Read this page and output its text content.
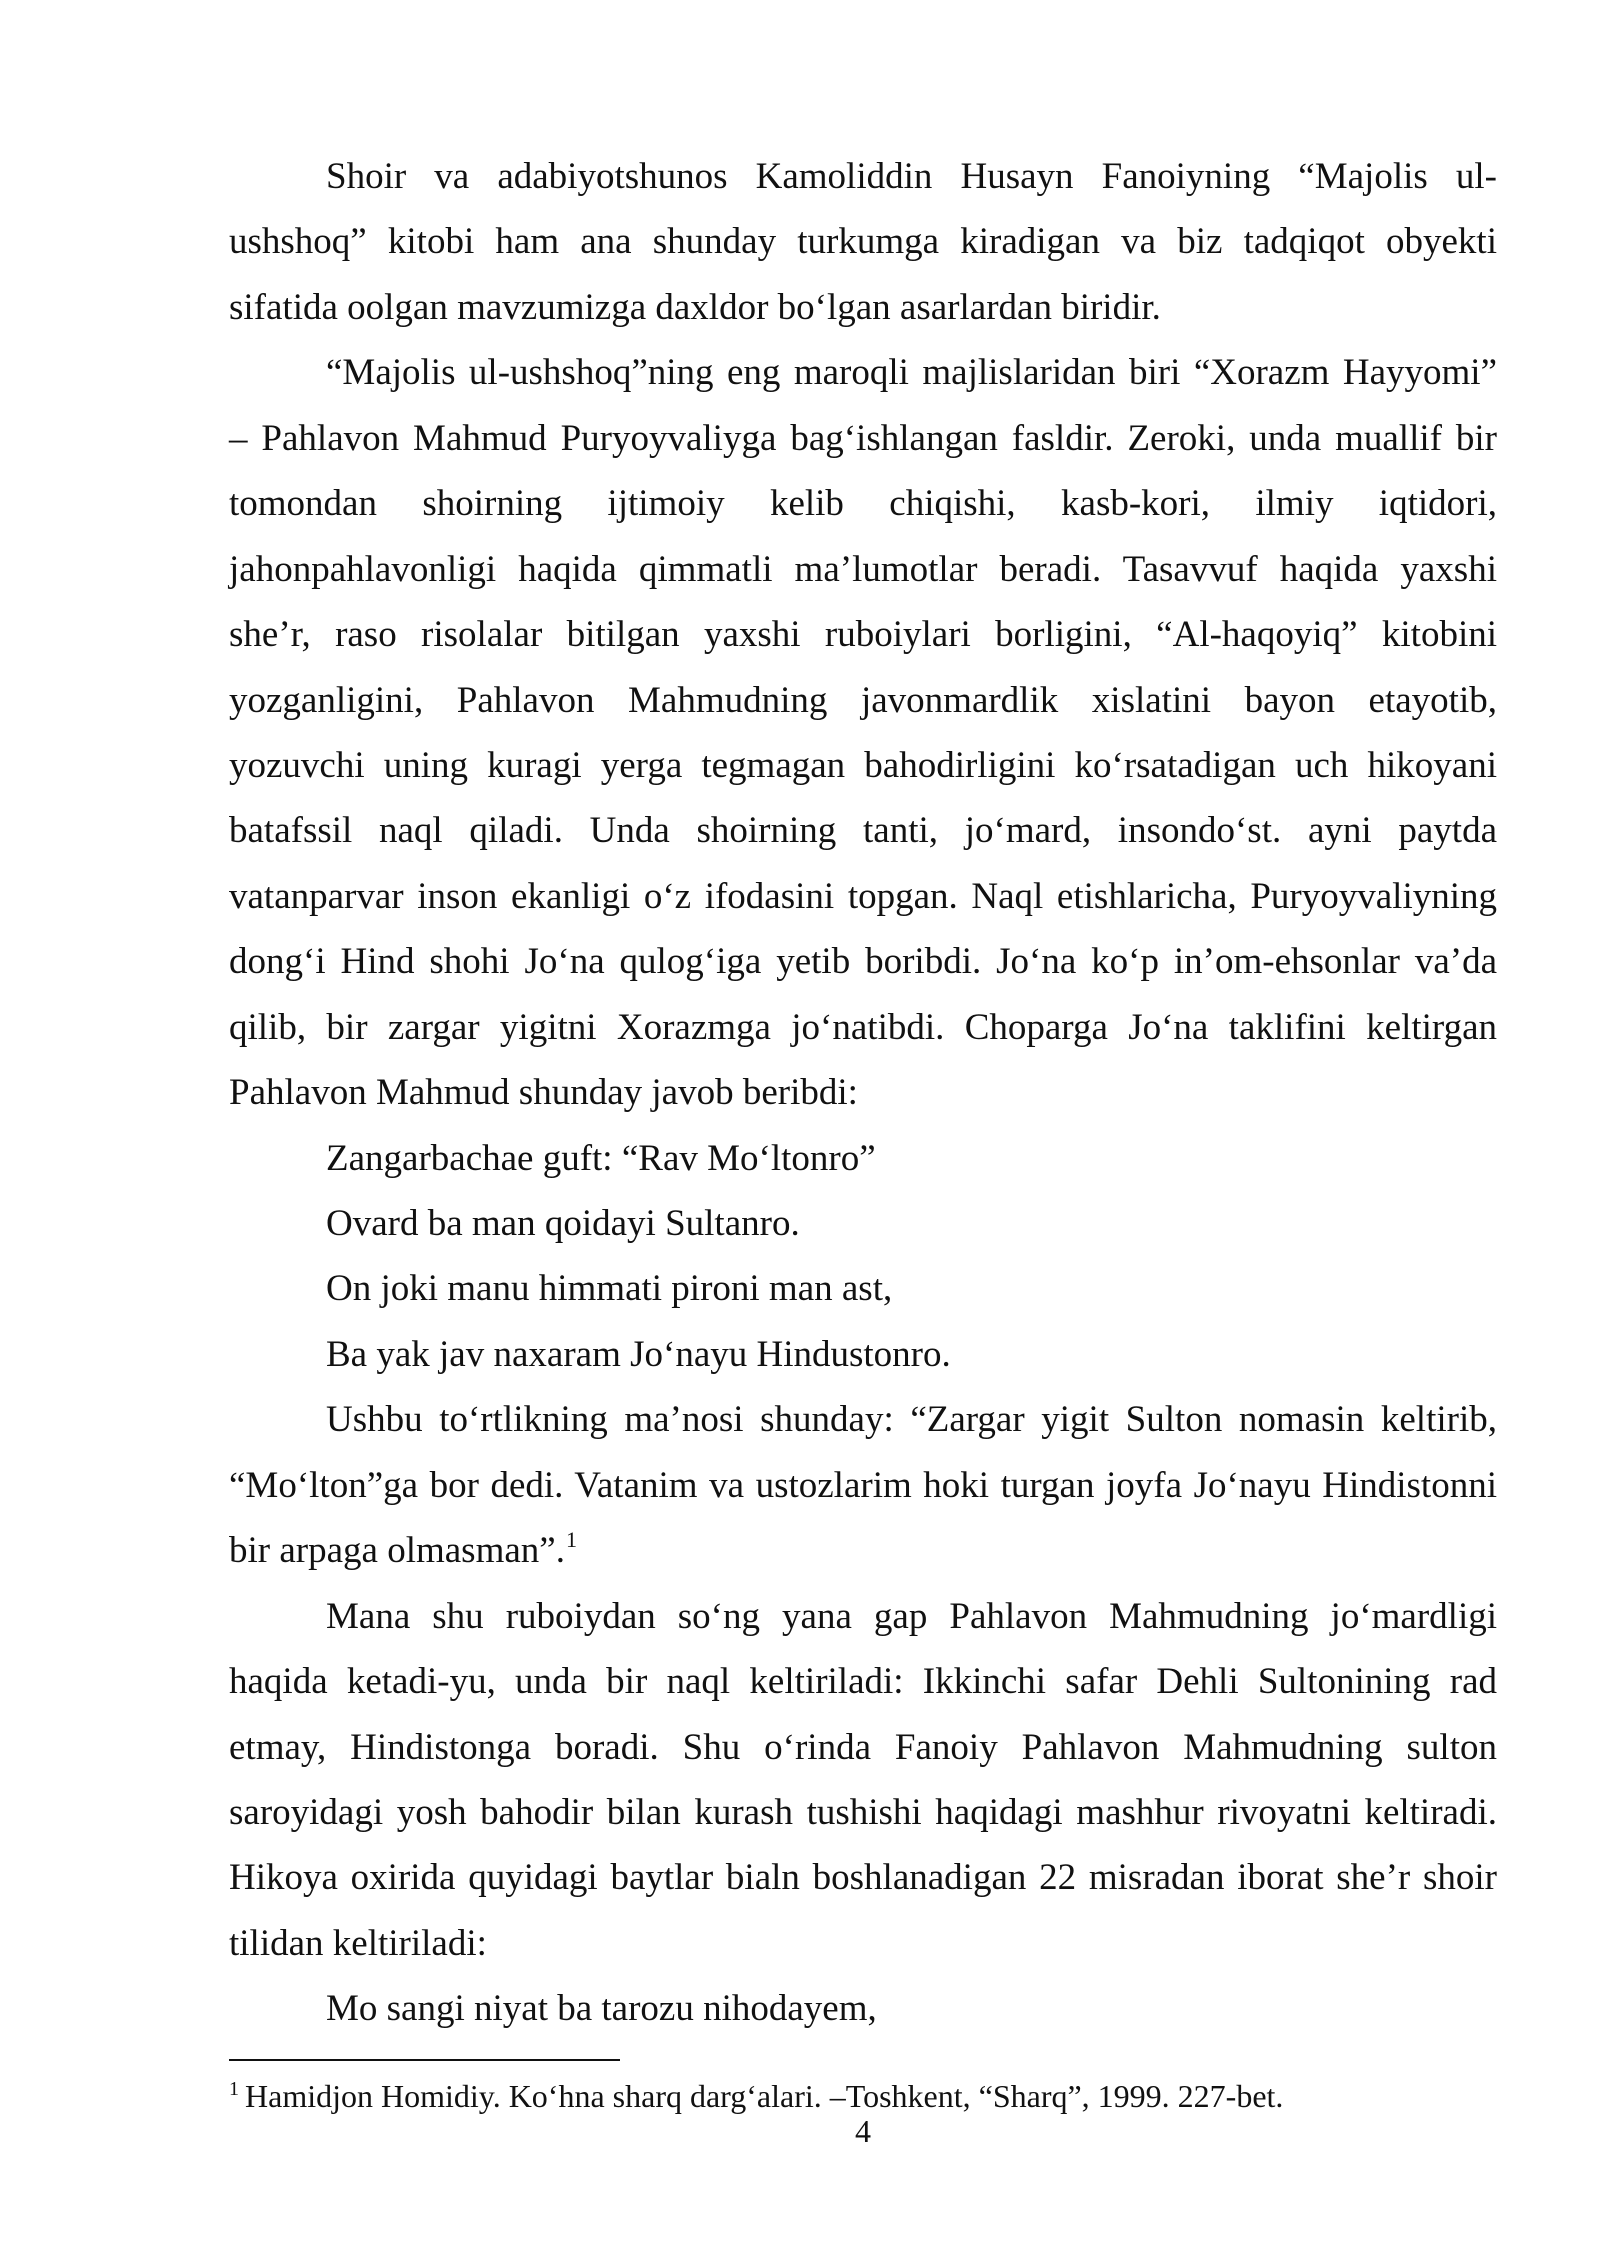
Shoir va adabiyotshunos Kamoliddin Husayn Fanoiyning “Majolis ul-
ushshoq” kitobi ham ana shunday turkumga kiradigan va biz tadqiqot obyekti
sifatida oolgan mavzumizga daxldor bo‘lgan asarlardan biridir.
“Majolis ul-ushshoq”ning eng maroqli majlislaridan biri “Xorazm Hayyomi”
– Pahlavon Mahmud Puryoyvaliyga bag‘ishlangan fasldir. Zeroki, unda muallif bir
tomondan shoirning ijtimoiy kelib chiqishi, kasb-kori, ilmiy iqtidori,
jahonpahlavonligi haqida qimmatli ma’lumotlar beradi. Tasavvuf haqida yaxshi
she’r, raso risolalar bitilgan yaxshi ruboiylari borligini, “Al-haqoyiq” kitobini
yozganligini, Pahlavon Mahmudning javonmardlik xislatini bayon etayotib,
yozuvchi uning kuragi yerga tegmagan bahodirligini ko‘rsatadigan uch hikoyani
batafssil naql qiladi. Unda shoirning tanti, jo‘mard, insondo‘st. ayni paytda
vatanparvar inson ekanligi o‘z ifodasini topgan. Naql etishlaricha, Puryoyvaliyning
dong‘i Hind shohi Jo‘na qulog‘iga yetib boribdi. Jo‘na ko‘p in’om-ehsonlar va’da
qilib, bir zargar yigitni Xorazmga jo‘natibdi. Choparga Jo‘na taklifini keltirgan
Pahlavon Mahmud shunday javob beribdi:
Zangarbachae guft: “Rav Mo‘ltonro”
Ovard ba man qoidayi Sultanro.
On joki manu himmati pironi man ast,
Ba yak jav naxaram Jo‘nayu Hindustonro.
Ushbu to‘rtlikning ma’nosi shunday: “Zargar yigit Sulton nomasin keltirib,
“Mo‘lton”ga bor dedi. Vatanim va ustozlarim hoki turgan joyfa Jo‘nayu Hindistonni
bir arpaga olmasman”.$^1$
Mana shu ruboiydan so‘ng yana gap Pahlavon Mahmudning jo‘mardligi
haqida ketadi-yu, unda bir naql keltiriladi: Ikkinchi safar Dehli Sultonining rad
etmay, Hindistonga boradi. Shu o‘rinda Fanoiy Pahlavon Mahmudning sulton
saroyidagi yosh bahodir bilan kurash tushishi haqidagi mashhur rivoyatni keltiradi.
Hikoya oxirida quyidagi baytlar bialn boshlanadigan 22 misradan iborat she’r shoir
tilidan keltiriladi:
Mo sangi niyat ba tarozu nihodayem,
$^1$ Hamidjon Homidiy. Ko‘hna sharq darg‘alari. –Toshkent, “Sharq”, 1999. 227-bet.
4
